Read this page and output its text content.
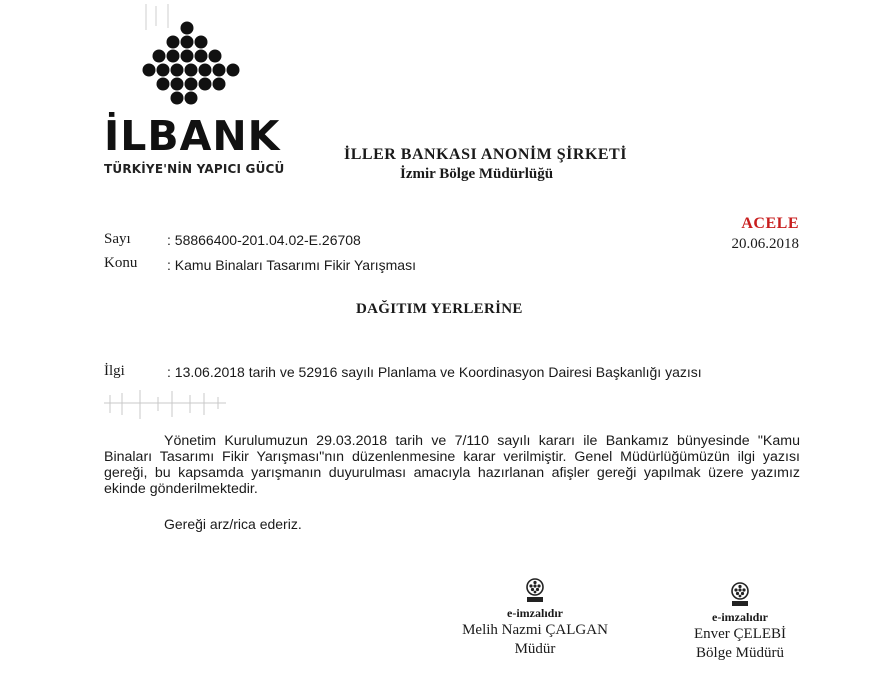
İLBANK
TÜRKİYE'NİN YAPICI GÜCÜ
İLLER BANKASI ANONİM ŞİRKETİ
İzmir Bölge Müdürlüğü
ACELE
20.06.2018
Sayı	: 58866400-201.04.02-E.26708
Konu : Kamu Binaları Tasarımı Fikir Yarışması
DAĞITIM YERLERİNE
İlgi	: 13.06.2018 tarih ve 52916 sayılı Planlama ve Koordinasyon Dairesi Başkanlığı yazısı
Yönetim Kurulumuzun 29.03.2018 tarih ve 7/110 sayılı kararı ile Bankamız bünyesinde "Kamu Binaları Tasarımı Fikir Yarışması"nın düzenlenmesine karar verilmiştir. Genel Müdürlüğümüzün ilgi yazısı gereği, bu kapsamda yarışmanın duyurulması amacıyla hazırlanan afişler gereği yapılmak üzere yazımız ekinde gönderilmektedir.
Gereği arz/rica ederiz.
e-imzalıdır
Melih Nazmi ÇALGAN
Müdür
e-imzalıdır
Enver ÇELEBİ
Bölge Müdürü
